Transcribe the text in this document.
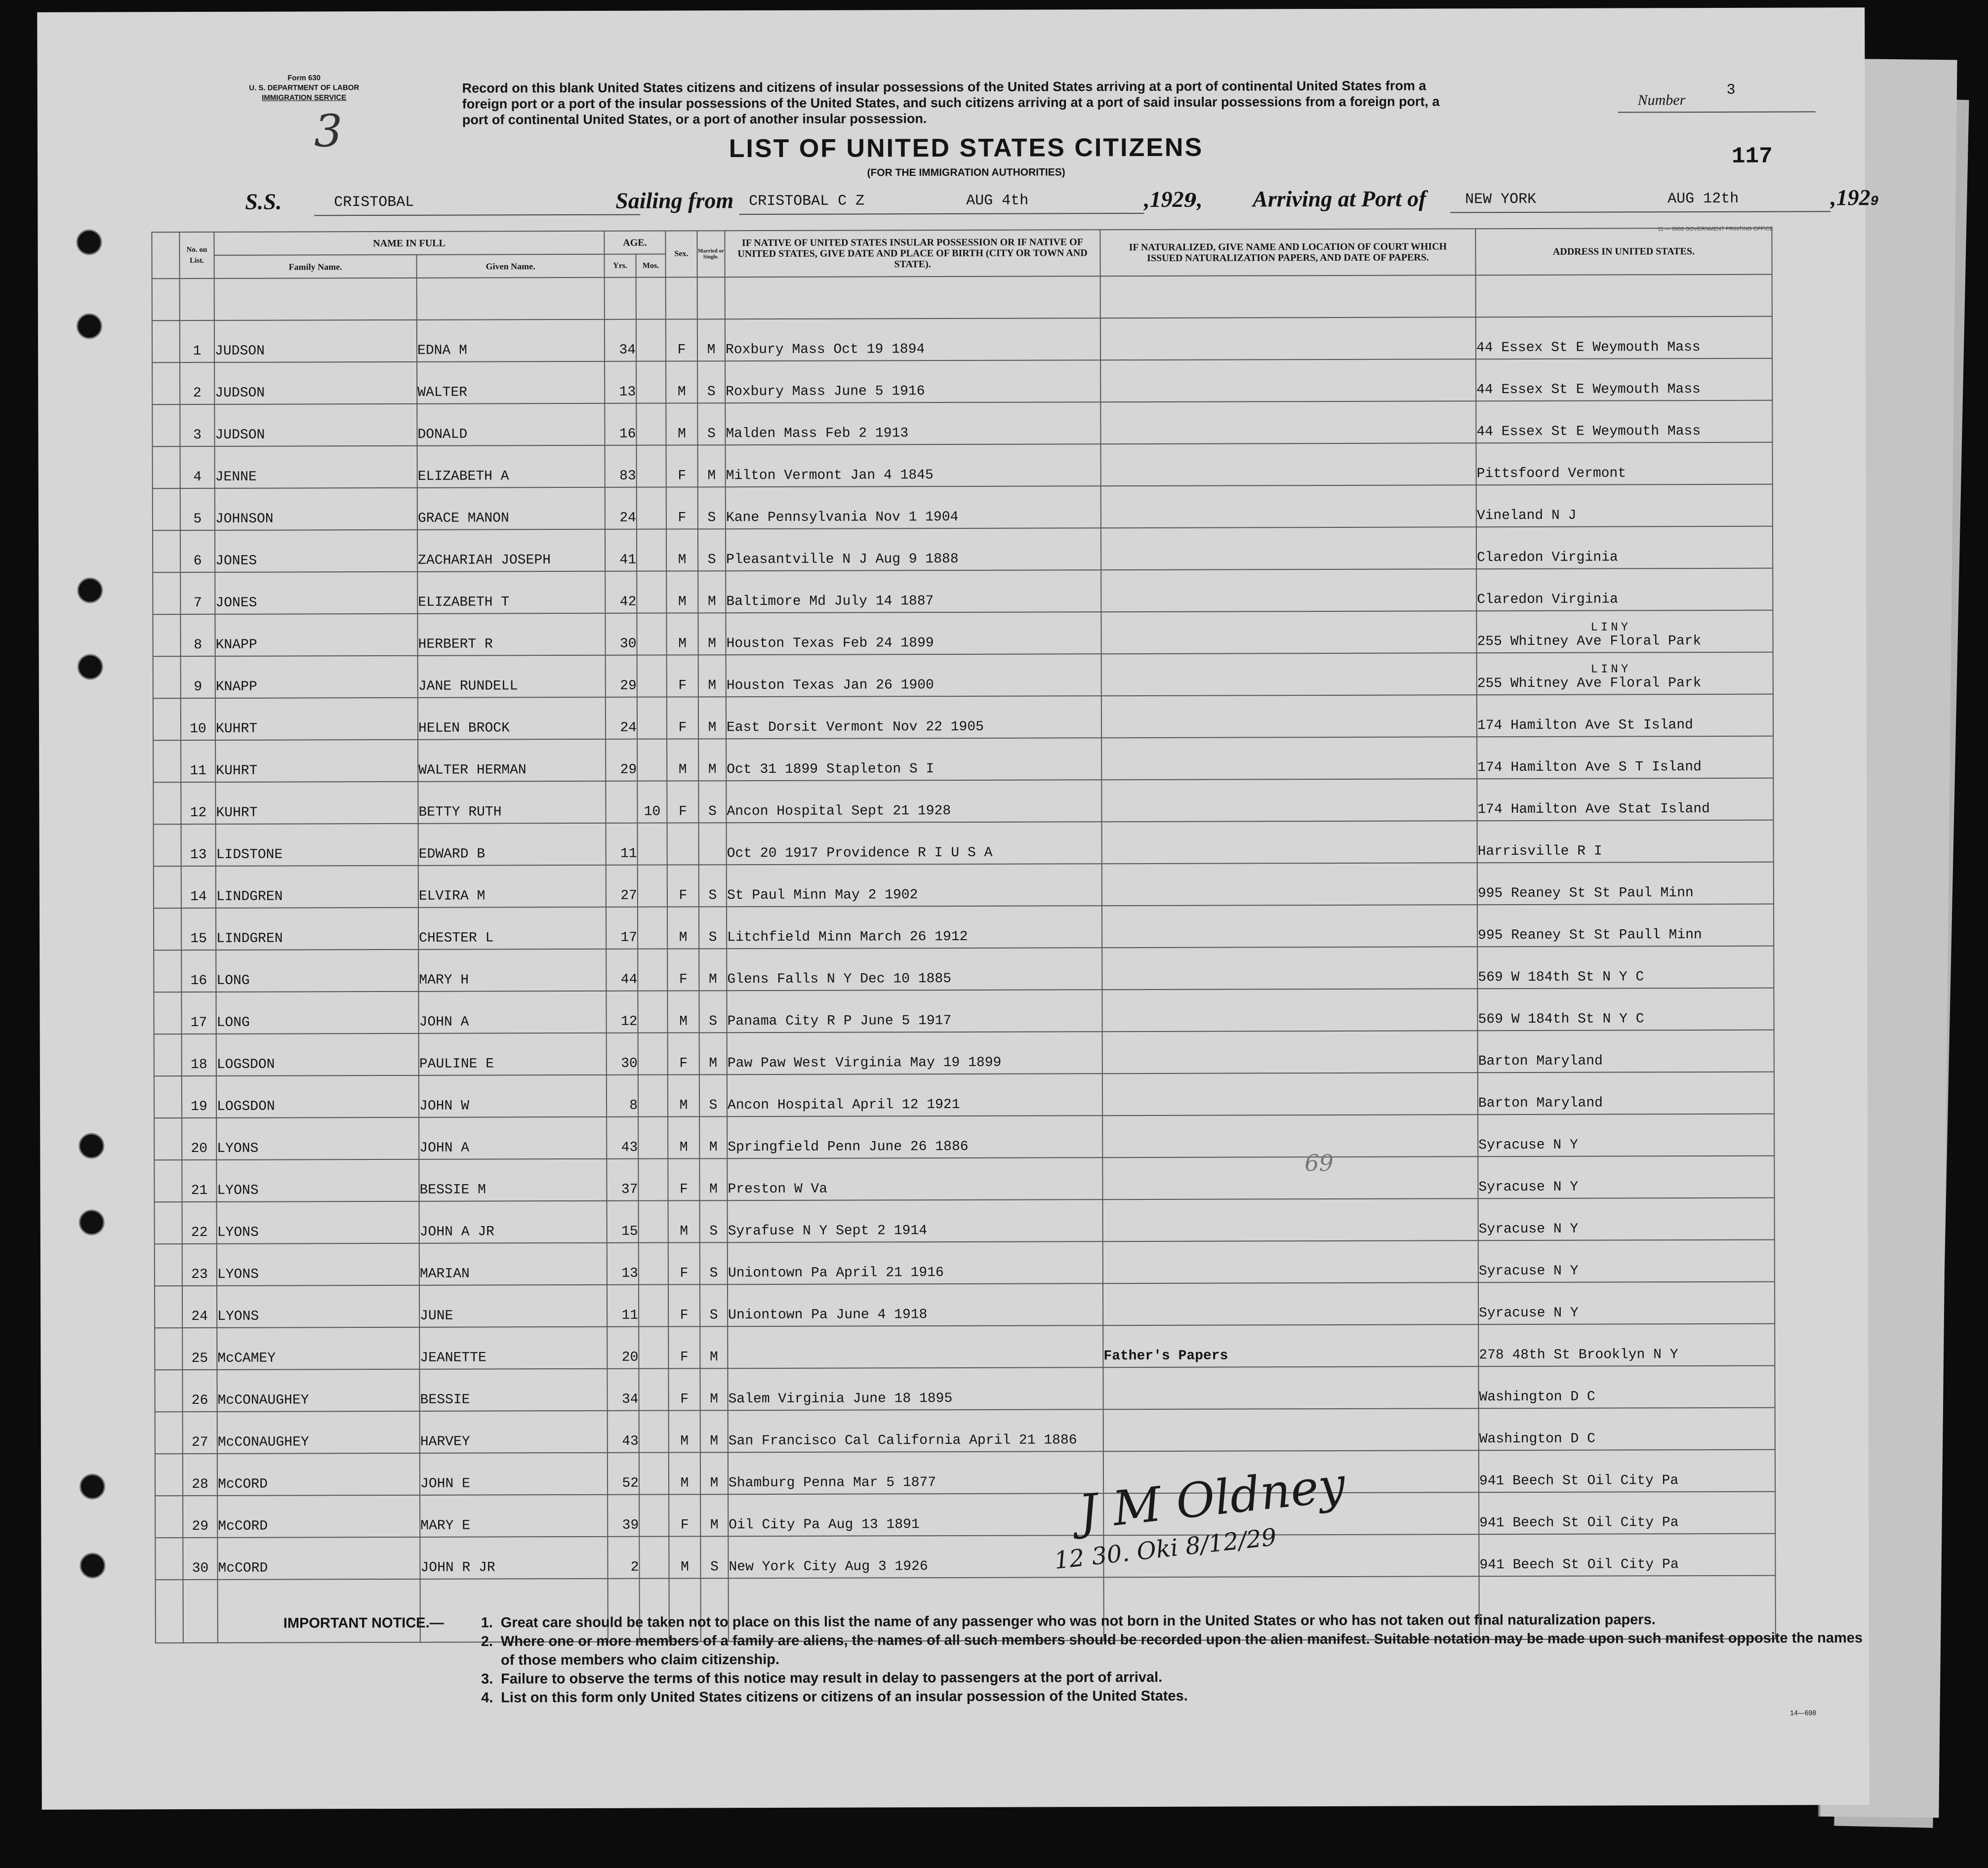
Form 630
U. S. DEPARTMENT OF LABOR
IMMIGRATION SERVICE
3
Record on this blank United States citizens and citizens of insular possessions of the United States arriving at a port of continental United States from a
foreign port or a port of the insular possessions of the United States, and such citizens arriving at a port of said insular possessions from a foreign port, a
port of continental United States, or a port of another insular possession.
Number
3
117
LIST OF UNITED STATES CITIZENS
(FOR THE IMMIGRATION AUTHORITIES)
S.S.	CRISTOBAL	Sailing from CRISTOBAL C Z	AUG 4th	,1929, Arriving at Port of	NEW YORK	AUG 12th	,1929
11 — 6968 GOVERNMENT PRINTING OFFICE
	No. on List.	NAME IN FULL		AGE.		Sex.	Married or Single.	IF NATIVE OF UNITED STATES INSULAR POSSESSION OR IF NATIVE OF UNITED STATES, GIVE DATE AND PLACE OF BIRTH (CITY OR TOWN AND STATE).	IF NATURALIZED, GIVE NAME AND LOCATION OF COURT WHICH ISSUED NATURALIZATION PAPERS, AND DATE OF PAPERS.	ADDRESS IN UNITED STATES.
		Family Name.	Given Name.	Yrs.	Mos.					

	1	JUDSON	EDNA M	34		F	M	Roxbury Mass Oct 19 1894		44 Essex St E Weymouth Mass
	2	JUDSON	WALTER	13		M	S	Roxbury Mass June 5 1916		44 Essex St E Weymouth Mass
	3	JUDSON	DONALD	16		M	S	Malden Mass Feb 2 1913		44 Essex St E Weymouth Mass
	4	JENNE	ELIZABETH A	83		F	M	Milton Vermont Jan 4 1845		Pittsfoord Vermont
	5	JOHNSON	GRACE MANON	24		F	S	Kane Pennsylvania Nov 1 1904		Vineland N J
	6	JONES	ZACHARIAH JOSEPH	41		M	S	Pleasantville N J Aug 9 1888		Claredon Virginia
	7	JONES	ELIZABETH T	42		M	M	Baltimore Md July 14 1887		Claredon Virginia
	8	KNAPP	HERBERT R	30		M	M	Houston Texas Feb 24 1899		LINY
255 Whitney Ave Floral Park

	9	KNAPP	JANE RUNDELL	29		F	M	Houston Texas Jan 26 1900		LINY
255 Whitney Ave Floral Park

	10	KUHRT	HELEN BROCK	24		F	M	East Dorsit Vermont Nov 22 1905		174 Hamilton Ave St Island
	11	KUHRT	WALTER HERMAN	29		M	M	Oct 31 1899 Stapleton S I		174 Hamilton Ave S T Island
	12	KUHRT	BETTY RUTH		10	F	S	Ancon Hospital Sept 21 1928		174 Hamilton Ave Stat Island
	13	LIDSTONE	EDWARD B	11				Oct 20 1917 Providence R I U S A		Harrisville R I
	14	LINDGREN	ELVIRA M	27		F	S	St Paul Minn May 2 1902		995 Reaney St St Paul Minn
	15	LINDGREN	CHESTER L	17		M	S	Litchfield Minn March 26 1912		995 Reaney St St Paull Minn
	16	LONG	MARY H	44		F	M	Glens Falls N Y Dec 10 1885		569 W 184th St N Y C
	17	LONG	JOHN A	12		M	S	Panama City R P June 5 1917		569 W 184th St N Y C
	18	LOGSDON	PAULINE E	30		F	M	Paw Paw West Virginia May 19 1899		Barton Maryland
	19	LOGSDON	JOHN W	8		M	S	Ancon Hospital April 12 1921		Barton Maryland
	20	LYONS	JOHN A	43		M	M	Springfield Penn June 26 1886		Syracuse N Y
	21	LYONS	BESSIE M	37		F	M	Preston W Va		Syracuse N Y
	22	LYONS	JOHN A JR	15		M	S	Syrafuse N Y Sept 2 1914		Syracuse N Y
	23	LYONS	MARIAN	13		F	S	Uniontown Pa April 21 1916		Syracuse N Y
	24	LYONS	JUNE	11		F	S	Uniontown Pa June 4 1918		Syracuse N Y
	25	McCAMEY	JEANETTE	20		F	M		Father's Papers	278 48th St Brooklyn N Y
	26	McCONAUGHEY	BESSIE	34		F	M	Salem Virginia June 18 1895		Washington D C
	27	McCONAUGHEY	HARVEY	43		M	M	San Francisco Cal California April 21 1886		Washington D C
	28	McCORD	JOHN E	52		M	M	Shamburg Penna Mar 5 1877		941 Beech St Oil City Pa
	29	McCORD	MARY E	39		F	M	Oil City Pa Aug 13 1891		941 Beech St Oil City Pa
	30	McCORD	JOHN R JR	2		M	S	New York City Aug 3 1926		941 Beech St Oil City Pa

69
J M Oldney
12 30. Oki 8/12/29
IMPORTANT NOTICE.—	1. Great care should be taken not to place on this list the name of any passenger who was not born in the United States or who has not taken out final naturalization papers.
2. Where one or more members of a family are aliens, the names of all such members should be recorded upon the alien manifest. Suitable notation may be made upon such manifest opposite the names of those members who claim citizenship.
3. Failure to observe the terms of this notice may result in delay to passengers at the port of arrival.
4. List on this form only United States citizens or citizens of an insular possession of the United States.
14—698
